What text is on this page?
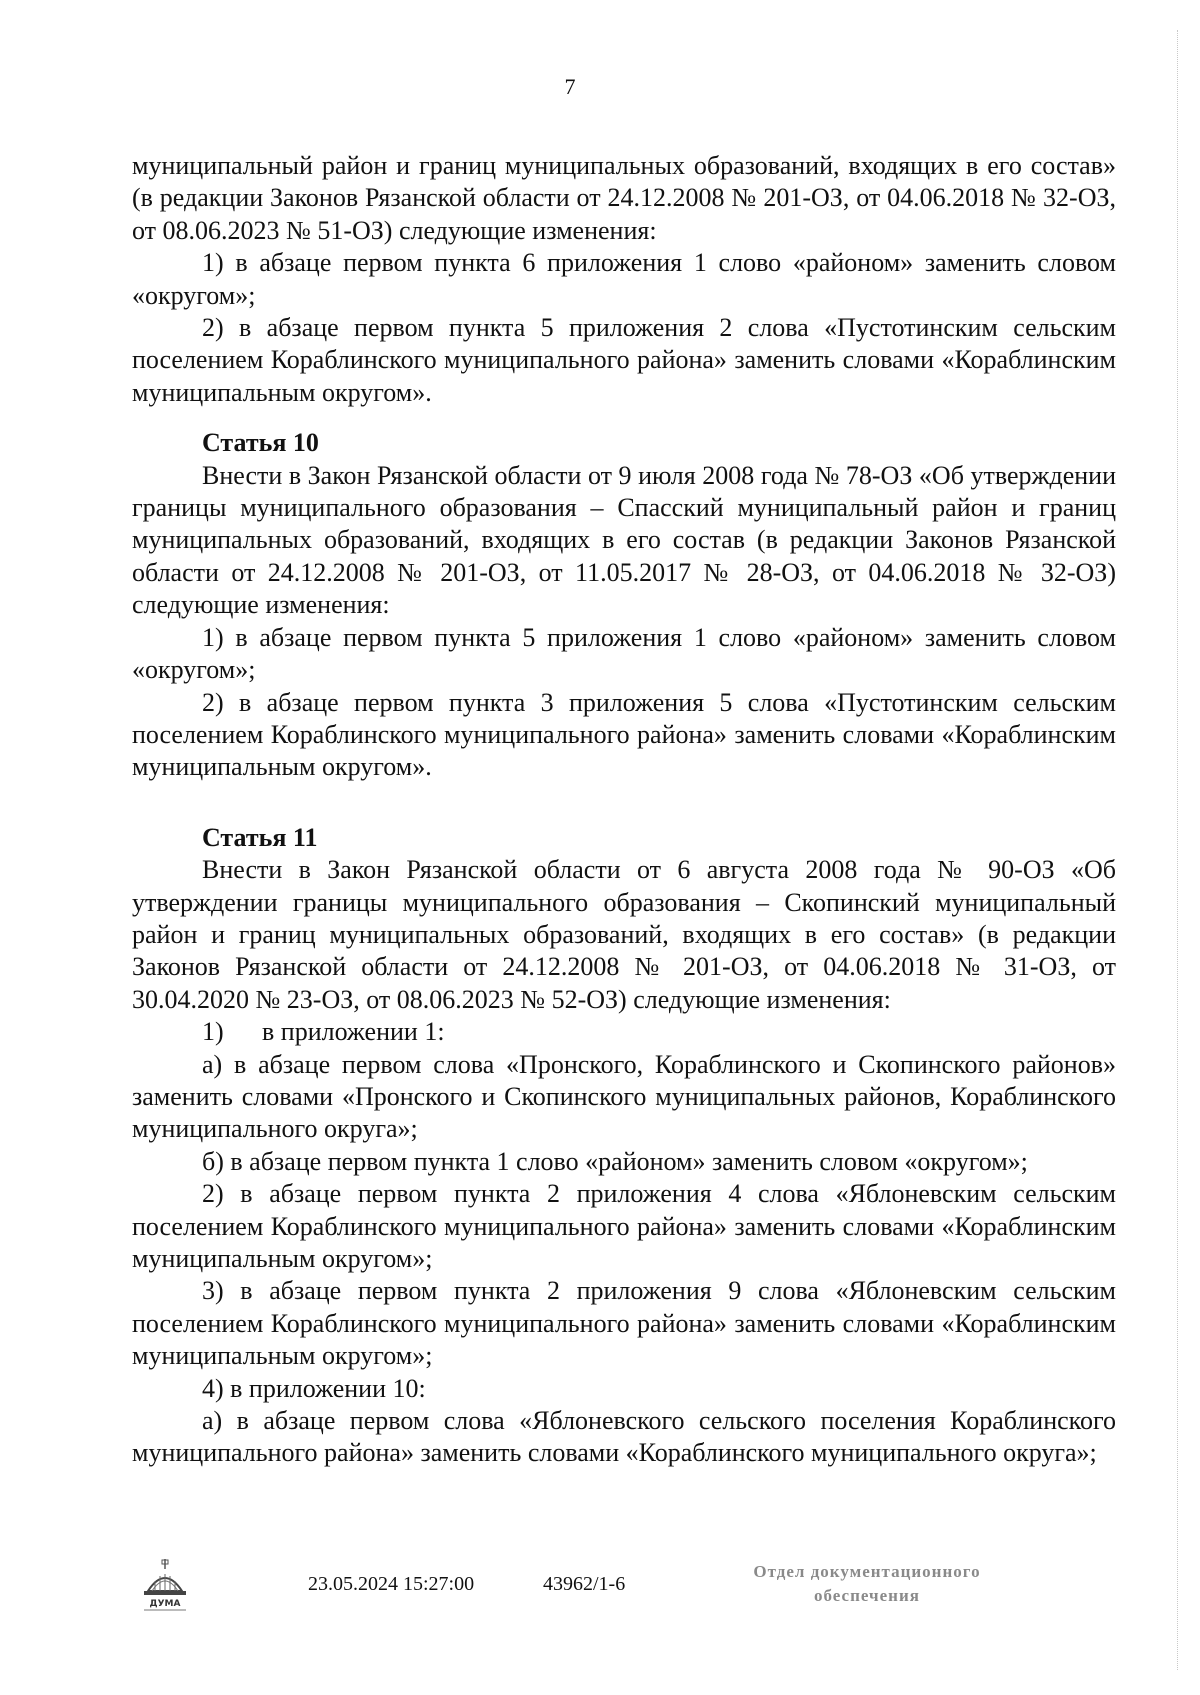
7

муниципальный район и границ муниципальных образований, входящих в его состав» (в редакции Законов Рязанской области от 24.12.2008 № 201-ОЗ, от 04.06.2018 № 32-ОЗ, от 08.06.2023 № 51-ОЗ) следующие изменения:

1) в абзаце первом пункта 6 приложения 1 слово «районом» заменить словом «округом»;

2) в абзаце первом пункта 5 приложения 2 слова «Пустотинским сельским поселением Кораблинского муниципального района» заменить словами «Кораблинским муниципальным округом».

Статья 10

Внести в Закон Рязанской области от 9 июля 2008 года № 78-ОЗ «Об утверждении границы муниципального образования – Спасский муниципальный район и границ муниципальных образований, входящих в его состав (в редакции Законов Рязанской области от 24.12.2008 № 201-ОЗ, от 11.05.2017 № 28-ОЗ, от 04.06.2018 № 32-ОЗ) следующие изменения:

1) в абзаце первом пункта 5 приложения 1 слово «районом» заменить словом «округом»;

2) в абзаце первом пункта 3 приложения 5 слова «Пустотинским сельским поселением Кораблинского муниципального района» заменить словами «Кораблинским муниципальным округом».

Статья 11

Внести в Закон Рязанской области от 6 августа 2008 года № 90-ОЗ «Об утверждении границы муниципального образования – Скопинский муниципальный район и границ муниципальных образований, входящих в его состав» (в редакции Законов Рязанской области от 24.12.2008 № 201-ОЗ, от 04.06.2018 № 31-ОЗ, от 30.04.2020 № 23-ОЗ, от 08.06.2023 № 52-ОЗ) следующие изменения:

1) в приложении 1:

а) в абзаце первом слова «Пронского, Кораблинского и Скопинского районов» заменить словами «Пронского и Скопинского муниципальных районов, Кораблинского муниципального округа»;

б) в абзаце первом пункта 1 слово «районом» заменить словом «округом»;

2) в абзаце первом пункта 2 приложения 4 слова «Яблоневским сельским поселением Кораблинского муниципального района» заменить словами «Кораблинским муниципальным округом»;

3) в абзаце первом пункта 2 приложения 9 слова «Яблоневским сельским поселением Кораблинского муниципального района» заменить словами «Кораблинским муниципальным округом»;

4) в приложении 10:

а) в абзаце первом слова «Яблоневского сельского поселения Кораблинского муниципального района» заменить словами «Кораблинского муниципального округа»;

ДУМА
23.05.2024 15:27:00	43962/1-6
Отдел документационного
обеспечения
